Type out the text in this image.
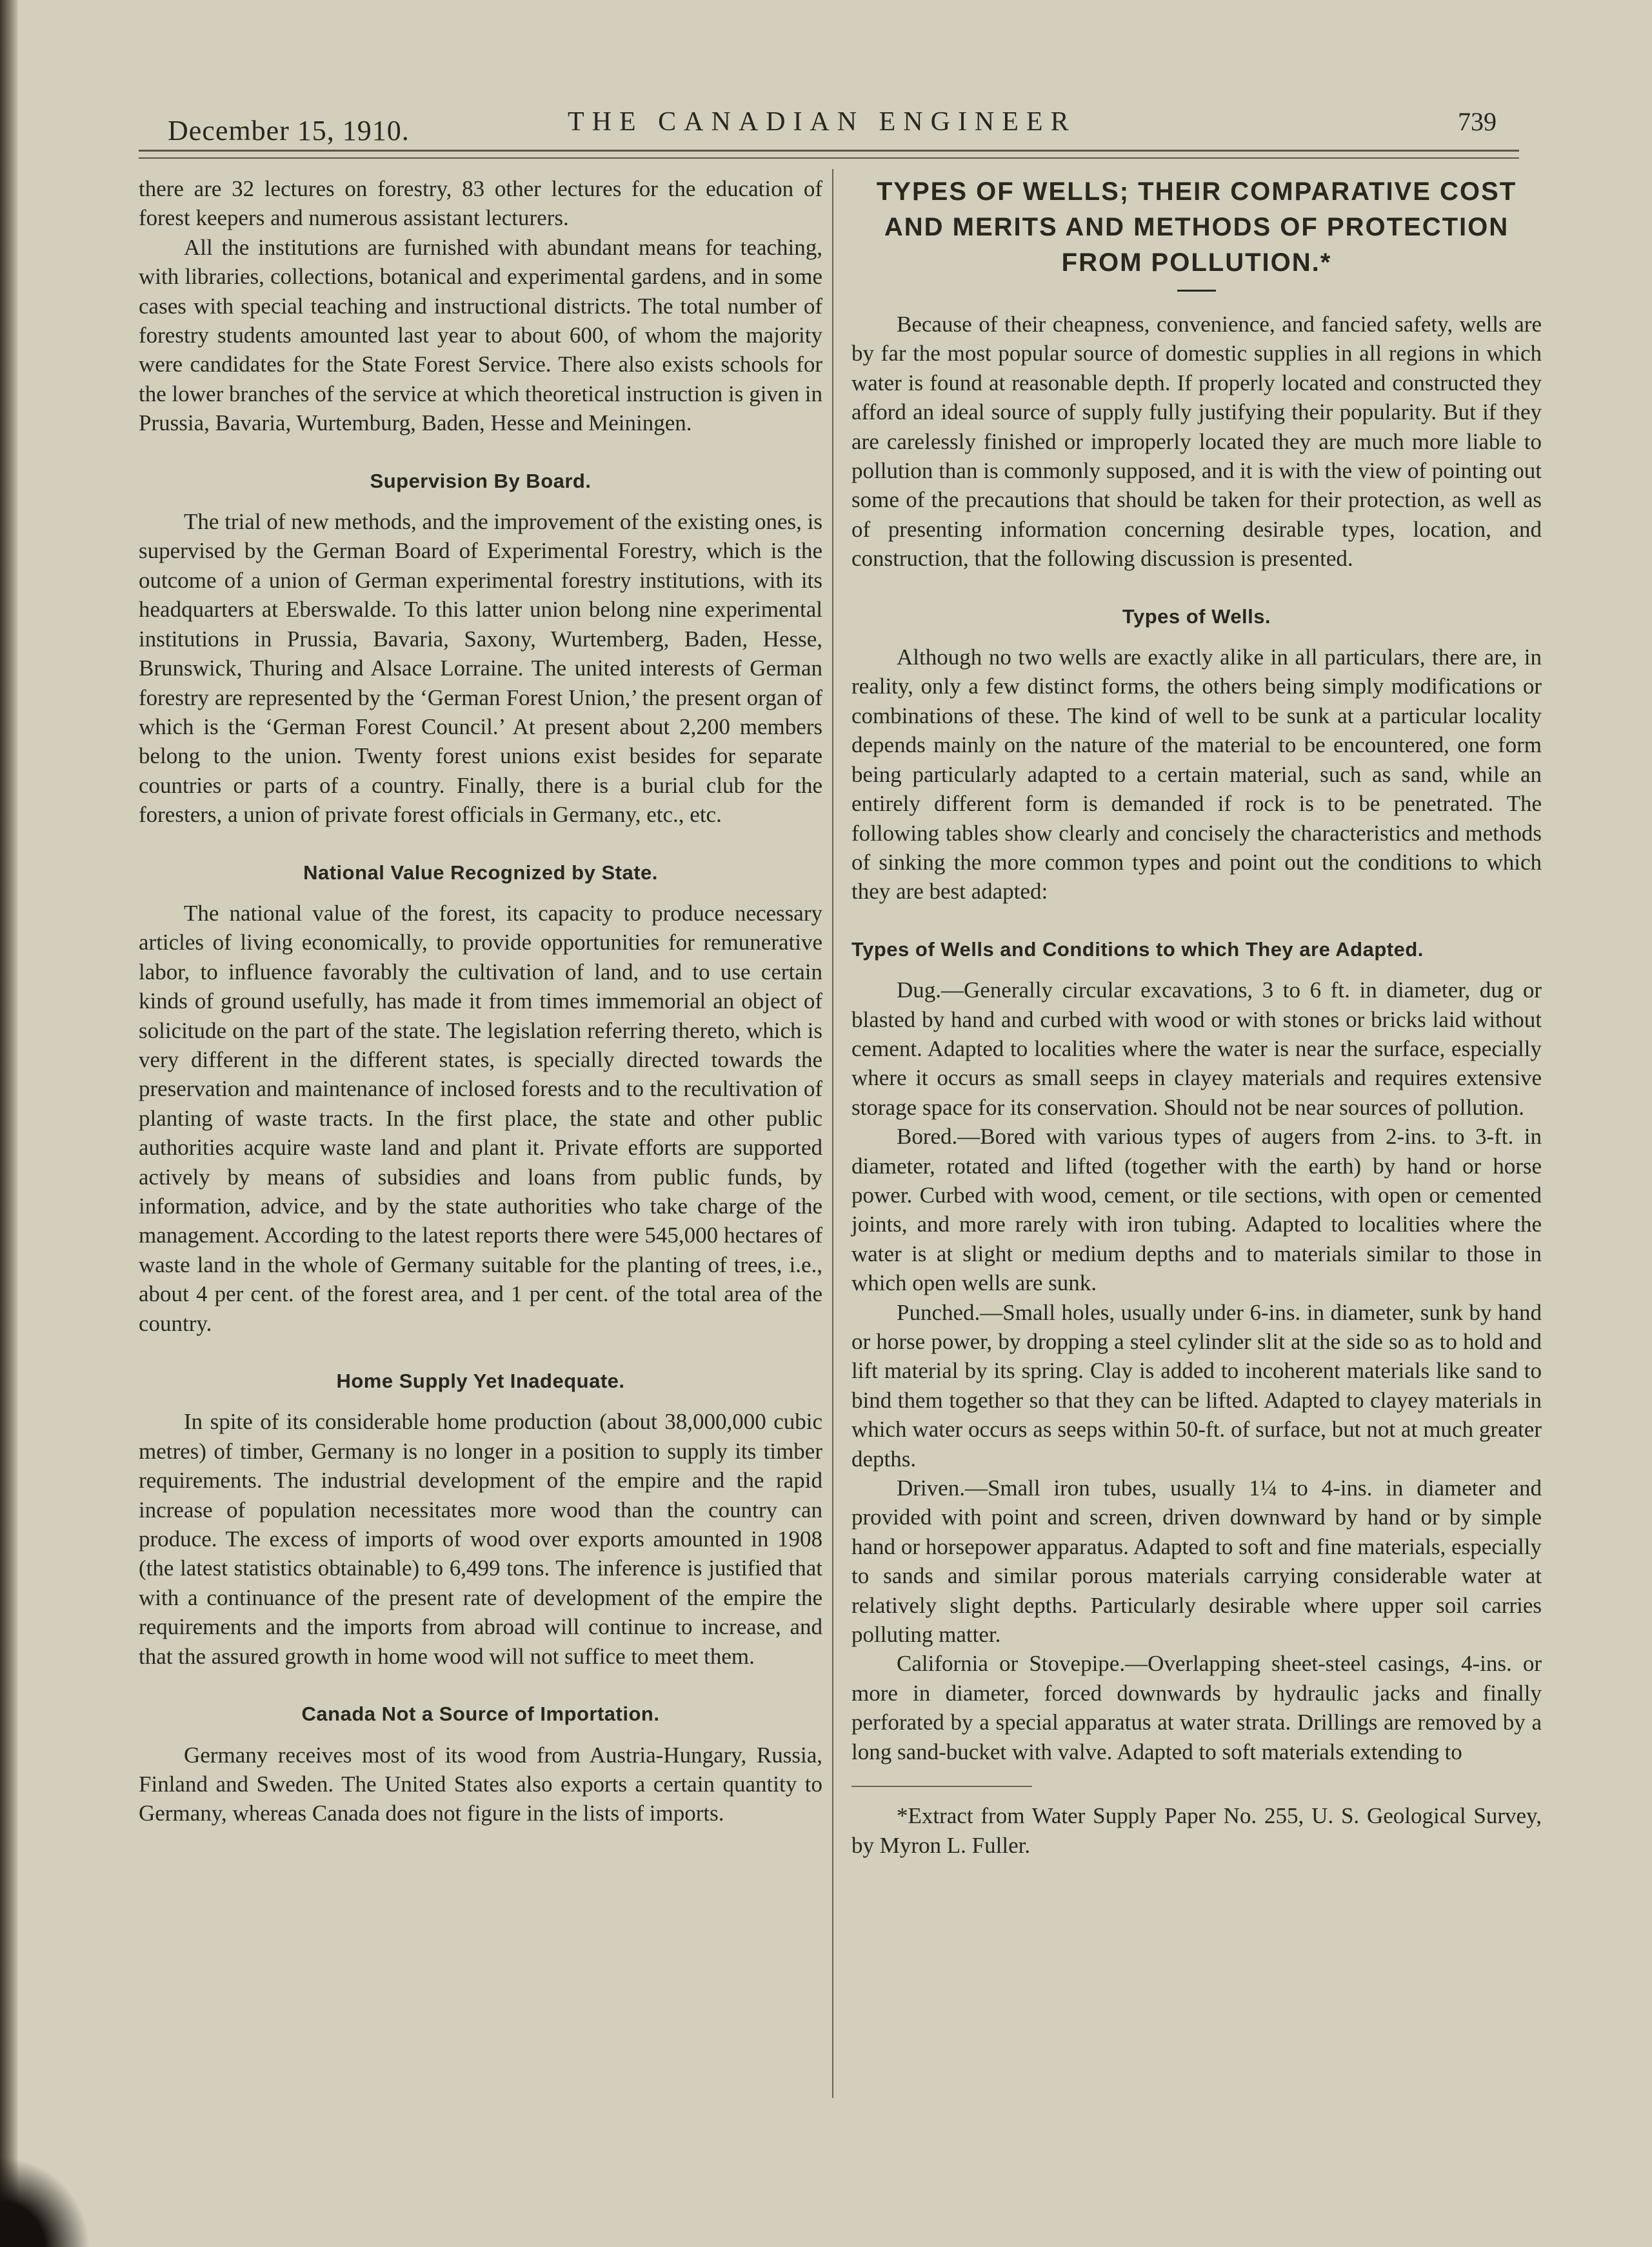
December 15, 1910.	THE CANADIAN ENGINEER	739

there are 32 lectures on forestry, 83 other lectures for the education of forest keepers and numerous assistant lecturers.

All the institutions are furnished with abundant means for teaching, with libraries, collections, botanical and experimental gardens, and in some cases with special teaching and instructional districts. The total number of forestry students amounted last year to about 600, of whom the majority were candidates for the State Forest Service. There also exists schools for the lower branches of the service at which theoretical instruction is given in Prussia, Bavaria, Wurtemburg, Baden, Hesse and Meiningen.

Supervision By Board.

The trial of new methods, and the improvement of the existing ones, is supervised by the German Board of Experimental Forestry, which is the outcome of a union of German experimental forestry institutions, with its headquarters at Eberswalde. To this latter union belong nine experimental institutions in Prussia, Bavaria, Saxony, Wurtemberg, Baden, Hesse, Brunswick, Thuring and Alsace Lorraine. The united interests of German forestry are represented by the ‘German Forest Union,’ the present organ of which is the ‘German Forest Council.’ At present about 2,200 members belong to the union. Twenty forest unions exist besides for separate countries or parts of a country. Finally, there is a burial club for the foresters, a union of private forest officials in Germany, etc., etc.

National Value Recognized by State.

The national value of the forest, its capacity to produce necessary articles of living economically, to provide opportunities for remunerative labor, to influence favorably the cultivation of land, and to use certain kinds of ground usefully, has made it from times immemorial an object of solicitude on the part of the state. The legislation referring thereto, which is very different in the different states, is specially directed towards the preservation and maintenance of inclosed forests and to the recultivation of planting of waste tracts. In the first place, the state and other public authorities acquire waste land and plant it. Private efforts are supported actively by means of subsidies and loans from public funds, by information, advice, and by the state authorities who take charge of the management. According to the latest reports there were 545,000 hectares of waste land in the whole of Germany suitable for the planting of trees, i.e., about 4 per cent. of the forest area, and 1 per cent. of the total area of the country.

Home Supply Yet Inadequate.

In spite of its considerable home production (about 38,000,000 cubic metres) of timber, Germany is no longer in a position to supply its timber requirements. The industrial development of the empire and the rapid increase of population necessitates more wood than the country can produce. The excess of imports of wood over exports amounted in 1908 (the latest statistics obtainable) to 6,499 tons. The inference is justified that with a continuance of the present rate of development of the empire the requirements and the imports from abroad will continue to increase, and that the assured growth in home wood will not suffice to meet them.

Canada Not a Source of Importation.

Germany receives most of its wood from Austria-Hungary, Russia, Finland and Sweden. The United States also exports a certain quantity to Germany, whereas Canada does not figure in the lists of imports.

TYPES OF WELLS; THEIR COMPARATIVE COST AND MERITS AND METHODS OF PROTECTION FROM POLLUTION.*

Because of their cheapness, convenience, and fancied safety, wells are by far the most popular source of domestic supplies in all regions in which water is found at reasonable depth. If properly located and constructed they afford an ideal source of supply fully justifying their popularity. But if they are carelessly finished or improperly located they are much more liable to pollution than is commonly supposed, and it is with the view of pointing out some of the precautions that should be taken for their protection, as well as of presenting information concerning desirable types, location, and construction, that the following discussion is presented.

Types of Wells.

Although no two wells are exactly alike in all particulars, there are, in reality, only a few distinct forms, the others being simply modifications or combinations of these. The kind of well to be sunk at a particular locality depends mainly on the nature of the material to be encountered, one form being particularly adapted to a certain material, such as sand, while an entirely different form is demanded if rock is to be penetrated. The following tables show clearly and concisely the characteristics and methods of sinking the more common types and point out the conditions to which they are best adapted:

Types of Wells and Conditions to which They are Adapted.

Dug.—Generally circular excavations, 3 to 6 ft. in diameter, dug or blasted by hand and curbed with wood or with stones or bricks laid without cement. Adapted to localities where the water is near the surface, especially where it occurs as small seeps in clayey materials and requires extensive storage space for its conservation. Should not be near sources of pollution.

Bored.—Bored with various types of augers from 2-ins. to 3-ft. in diameter, rotated and lifted (together with the earth) by hand or horse power. Curbed with wood, cement, or tile sections, with open or cemented joints, and more rarely with iron tubing. Adapted to localities where the water is at slight or medium depths and to materials similar to those in which open wells are sunk.

Punched.—Small holes, usually under 6-ins. in diameter, sunk by hand or horse power, by dropping a steel cylinder slit at the side so as to hold and lift material by its spring. Clay is added to incoherent materials like sand to bind them together so that they can be lifted. Adapted to clayey materials in which water occurs as seeps within 50-ft. of surface, but not at much greater depths.

Driven.—Small iron tubes, usually 1¼ to 4-ins. in diameter and provided with point and screen, driven downward by hand or by simple hand or horsepower apparatus. Adapted to soft and fine materials, especially to sands and similar porous materials carrying considerable water at relatively slight depths. Particularly desirable where upper soil carries polluting matter.

California or Stovepipe.—Overlapping sheet-steel casings, 4-ins. or more in diameter, forced downwards by hydraulic jacks and finally perforated by a special apparatus at water strata. Drillings are removed by a long sand-bucket with valve. Adapted to soft materials extending to

*Extract from Water Supply Paper No. 255, U. S. Geological Survey, by Myron L. Fuller.
